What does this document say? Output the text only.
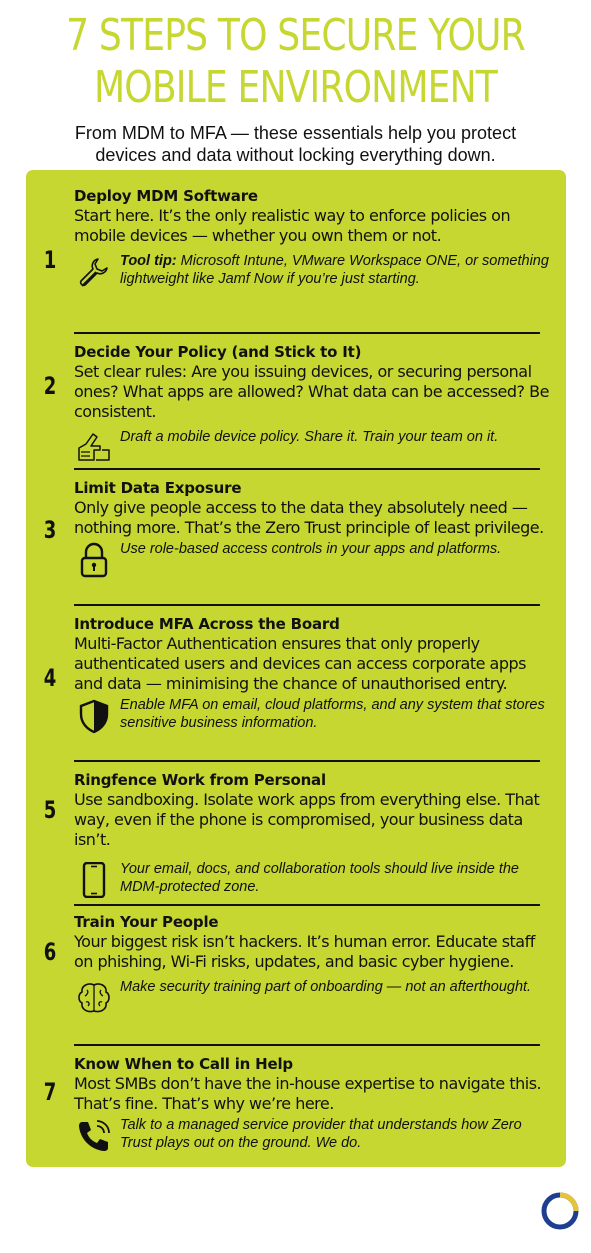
7 STEPS TO SECURE YOUR
MOBILE ENVIRONMENT
From MDM to MFA — these essentials help you protect
devices and data without locking everything down.
1
Deploy MDM Software
Start here. It’s the only realistic way to enforce policies on mobile devices — whether you own them or not.
Tool tip: Microsoft Intune, VMware Workspace ONE, or something lightweight like Jamf Now if you’re just starting.
2
Decide Your Policy (and Stick to It)
Set clear rules: Are you issuing devices, or securing personal ones? What apps are allowed? What data can be accessed? Be consistent.
Draft a mobile device policy. Share it. Train your team on it.
3
Limit Data Exposure
Only give people access to the data they absolutely need — nothing more. That’s the Zero Trust principle of least privilege.
Use role-based access controls in your apps and platforms.
4
Introduce MFA Across the Board
Multi-Factor Authentication ensures that only properly authenticated users and devices can access corporate apps and data — minimising the chance of unauthorised entry.
Enable MFA on email, cloud platforms, and any system that stores sensitive business information.
5
Ringfence Work from Personal
Use sandboxing. Isolate work apps from everything else. That way, even if the phone is compromised, your business data isn’t.
Your email, docs, and collaboration tools should live inside the MDM-protected zone.
6
Train Your People
Your biggest risk isn’t hackers. It’s human error. Educate staff on phishing, Wi-Fi risks, updates, and basic cyber hygiene.
Make security training part of onboarding — not an afterthought.
7
Know When to Call in Help
Most SMBs don’t have the in-house expertise to navigate this. That’s fine. That’s why we’re here.
Talk to a managed service provider that understands how Zero Trust plays out on the ground. We do.
